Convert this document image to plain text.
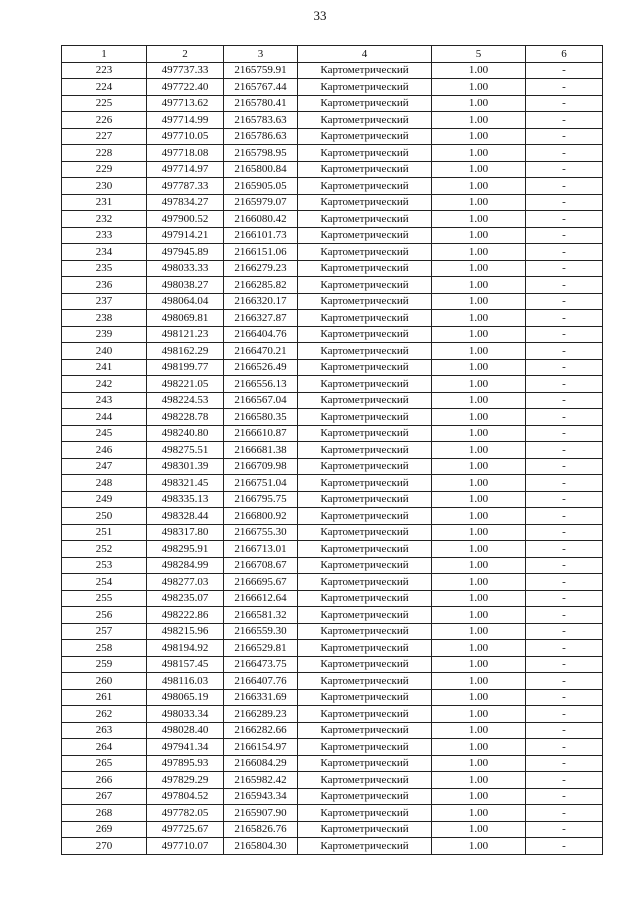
33
1	2	3	4	5	6
223	497737.33	2165759.91	Картометрический	1.00	-
224	497722.40	2165767.44	Картометрический	1.00	-
225	497713.62	2165780.41	Картометрический	1.00	-
226	497714.99	2165783.63	Картометрический	1.00	-
227	497710.05	2165786.63	Картометрический	1.00	-
228	497718.08	2165798.95	Картометрический	1.00	-
229	497714.97	2165800.84	Картометрический	1.00	-
230	497787.33	2165905.05	Картометрический	1.00	-
231	497834.27	2165979.07	Картометрический	1.00	-
232	497900.52	2166080.42	Картометрический	1.00	-
233	497914.21	2166101.73	Картометрический	1.00	-
234	497945.89	2166151.06	Картометрический	1.00	-
235	498033.33	2166279.23	Картометрический	1.00	-
236	498038.27	2166285.82	Картометрический	1.00	-
237	498064.04	2166320.17	Картометрический	1.00	-
238	498069.81	2166327.87	Картометрический	1.00	-
239	498121.23	2166404.76	Картометрический	1.00	-
240	498162.29	2166470.21	Картометрический	1.00	-
241	498199.77	2166526.49	Картометрический	1.00	-
242	498221.05	2166556.13	Картометрический	1.00	-
243	498224.53	2166567.04	Картометрический	1.00	-
244	498228.78	2166580.35	Картометрический	1.00	-
245	498240.80	2166610.87	Картометрический	1.00	-
246	498275.51	2166681.38	Картометрический	1.00	-
247	498301.39	2166709.98	Картометрический	1.00	-
248	498321.45	2166751.04	Картометрический	1.00	-
249	498335.13	2166795.75	Картометрический	1.00	-
250	498328.44	2166800.92	Картометрический	1.00	-
251	498317.80	2166755.30	Картометрический	1.00	-
252	498295.91	2166713.01	Картометрический	1.00	-
253	498284.99	2166708.67	Картометрический	1.00	-
254	498277.03	2166695.67	Картометрический	1.00	-
255	498235.07	2166612.64	Картометрический	1.00	-
256	498222.86	2166581.32	Картометрический	1.00	-
257	498215.96	2166559.30	Картометрический	1.00	-
258	498194.92	2166529.81	Картометрический	1.00	-
259	498157.45	2166473.75	Картометрический	1.00	-
260	498116.03	2166407.76	Картометрический	1.00	-
261	498065.19	2166331.69	Картометрический	1.00	-
262	498033.34	2166289.23	Картометрический	1.00	-
263	498028.40	2166282.66	Картометрический	1.00	-
264	497941.34	2166154.97	Картометрический	1.00	-
265	497895.93	2166084.29	Картометрический	1.00	-
266	497829.29	2165982.42	Картометрический	1.00	-
267	497804.52	2165943.34	Картометрический	1.00	-
268	497782.05	2165907.90	Картометрический	1.00	-
269	497725.67	2165826.76	Картометрический	1.00	-
270	497710.07	2165804.30	Картометрический	1.00	-
